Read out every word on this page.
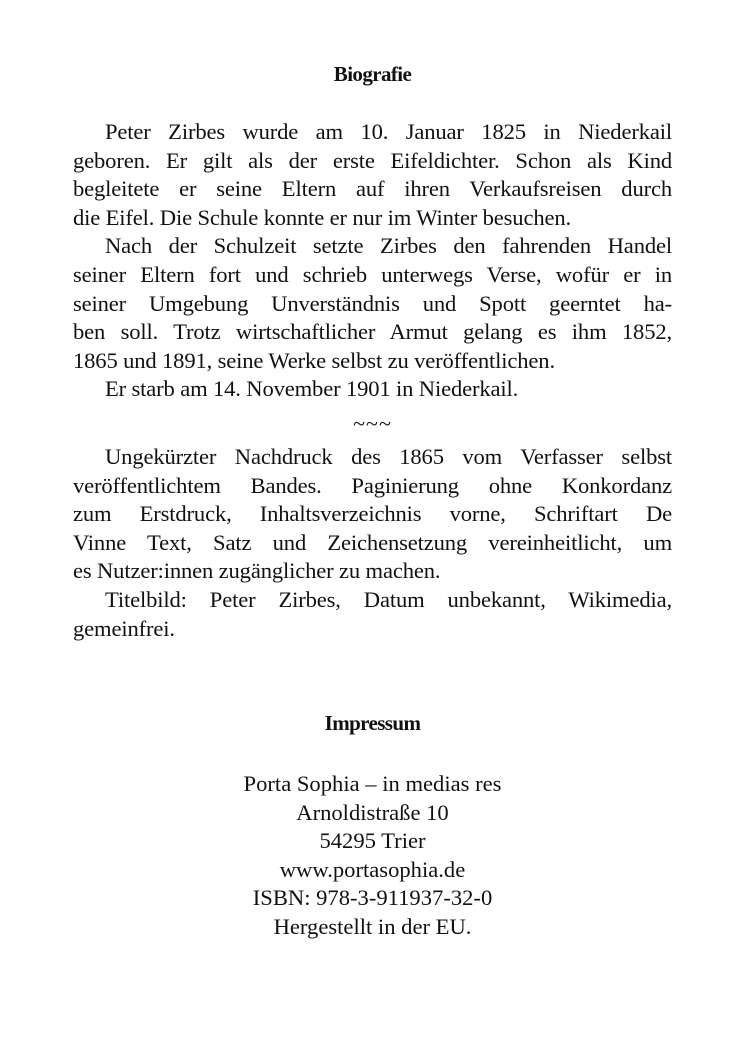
Biografie
Peter Zirbes wurde am 10. Januar 1825 in Niederkail
geboren. Er gilt als der erste Eifeldichter. Schon als Kind
begleitete er seine Eltern auf ihren Verkaufsreisen durch
die Eifel. Die Schule konnte er nur im Winter besuchen.
Nach der Schulzeit setzte Zirbes den fahrenden Handel
seiner Eltern fort und schrieb unterwegs Verse, wofür er in
seiner Umgebung Unverständnis und Spott geerntet ha-
ben soll. Trotz wirtschaftlicher Armut gelang es ihm 1852,
1865 und 1891, seine Werke selbst zu veröffentlichen.
Er starb am 14. November 1901 in Niederkail.
~~~
Ungekürzter Nachdruck des 1865 vom Verfasser selbst
veröffentlichtem Bandes. Paginierung ohne Konkordanz
zum Erstdruck, Inhaltsverzeichnis vorne, Schriftart De
Vinne Text, Satz und Zeichensetzung vereinheitlicht, um
es Nutzer:innen zugänglicher zu machen.
Titelbild: Peter Zirbes, Datum unbekannt, Wikimedia,
gemeinfrei.
Impressum
Porta Sophia – in medias res
Arnoldistraße 10
54295 Trier
www.portasophia.de
ISBN: 978-3-911937-32-0
Hergestellt in der EU.
